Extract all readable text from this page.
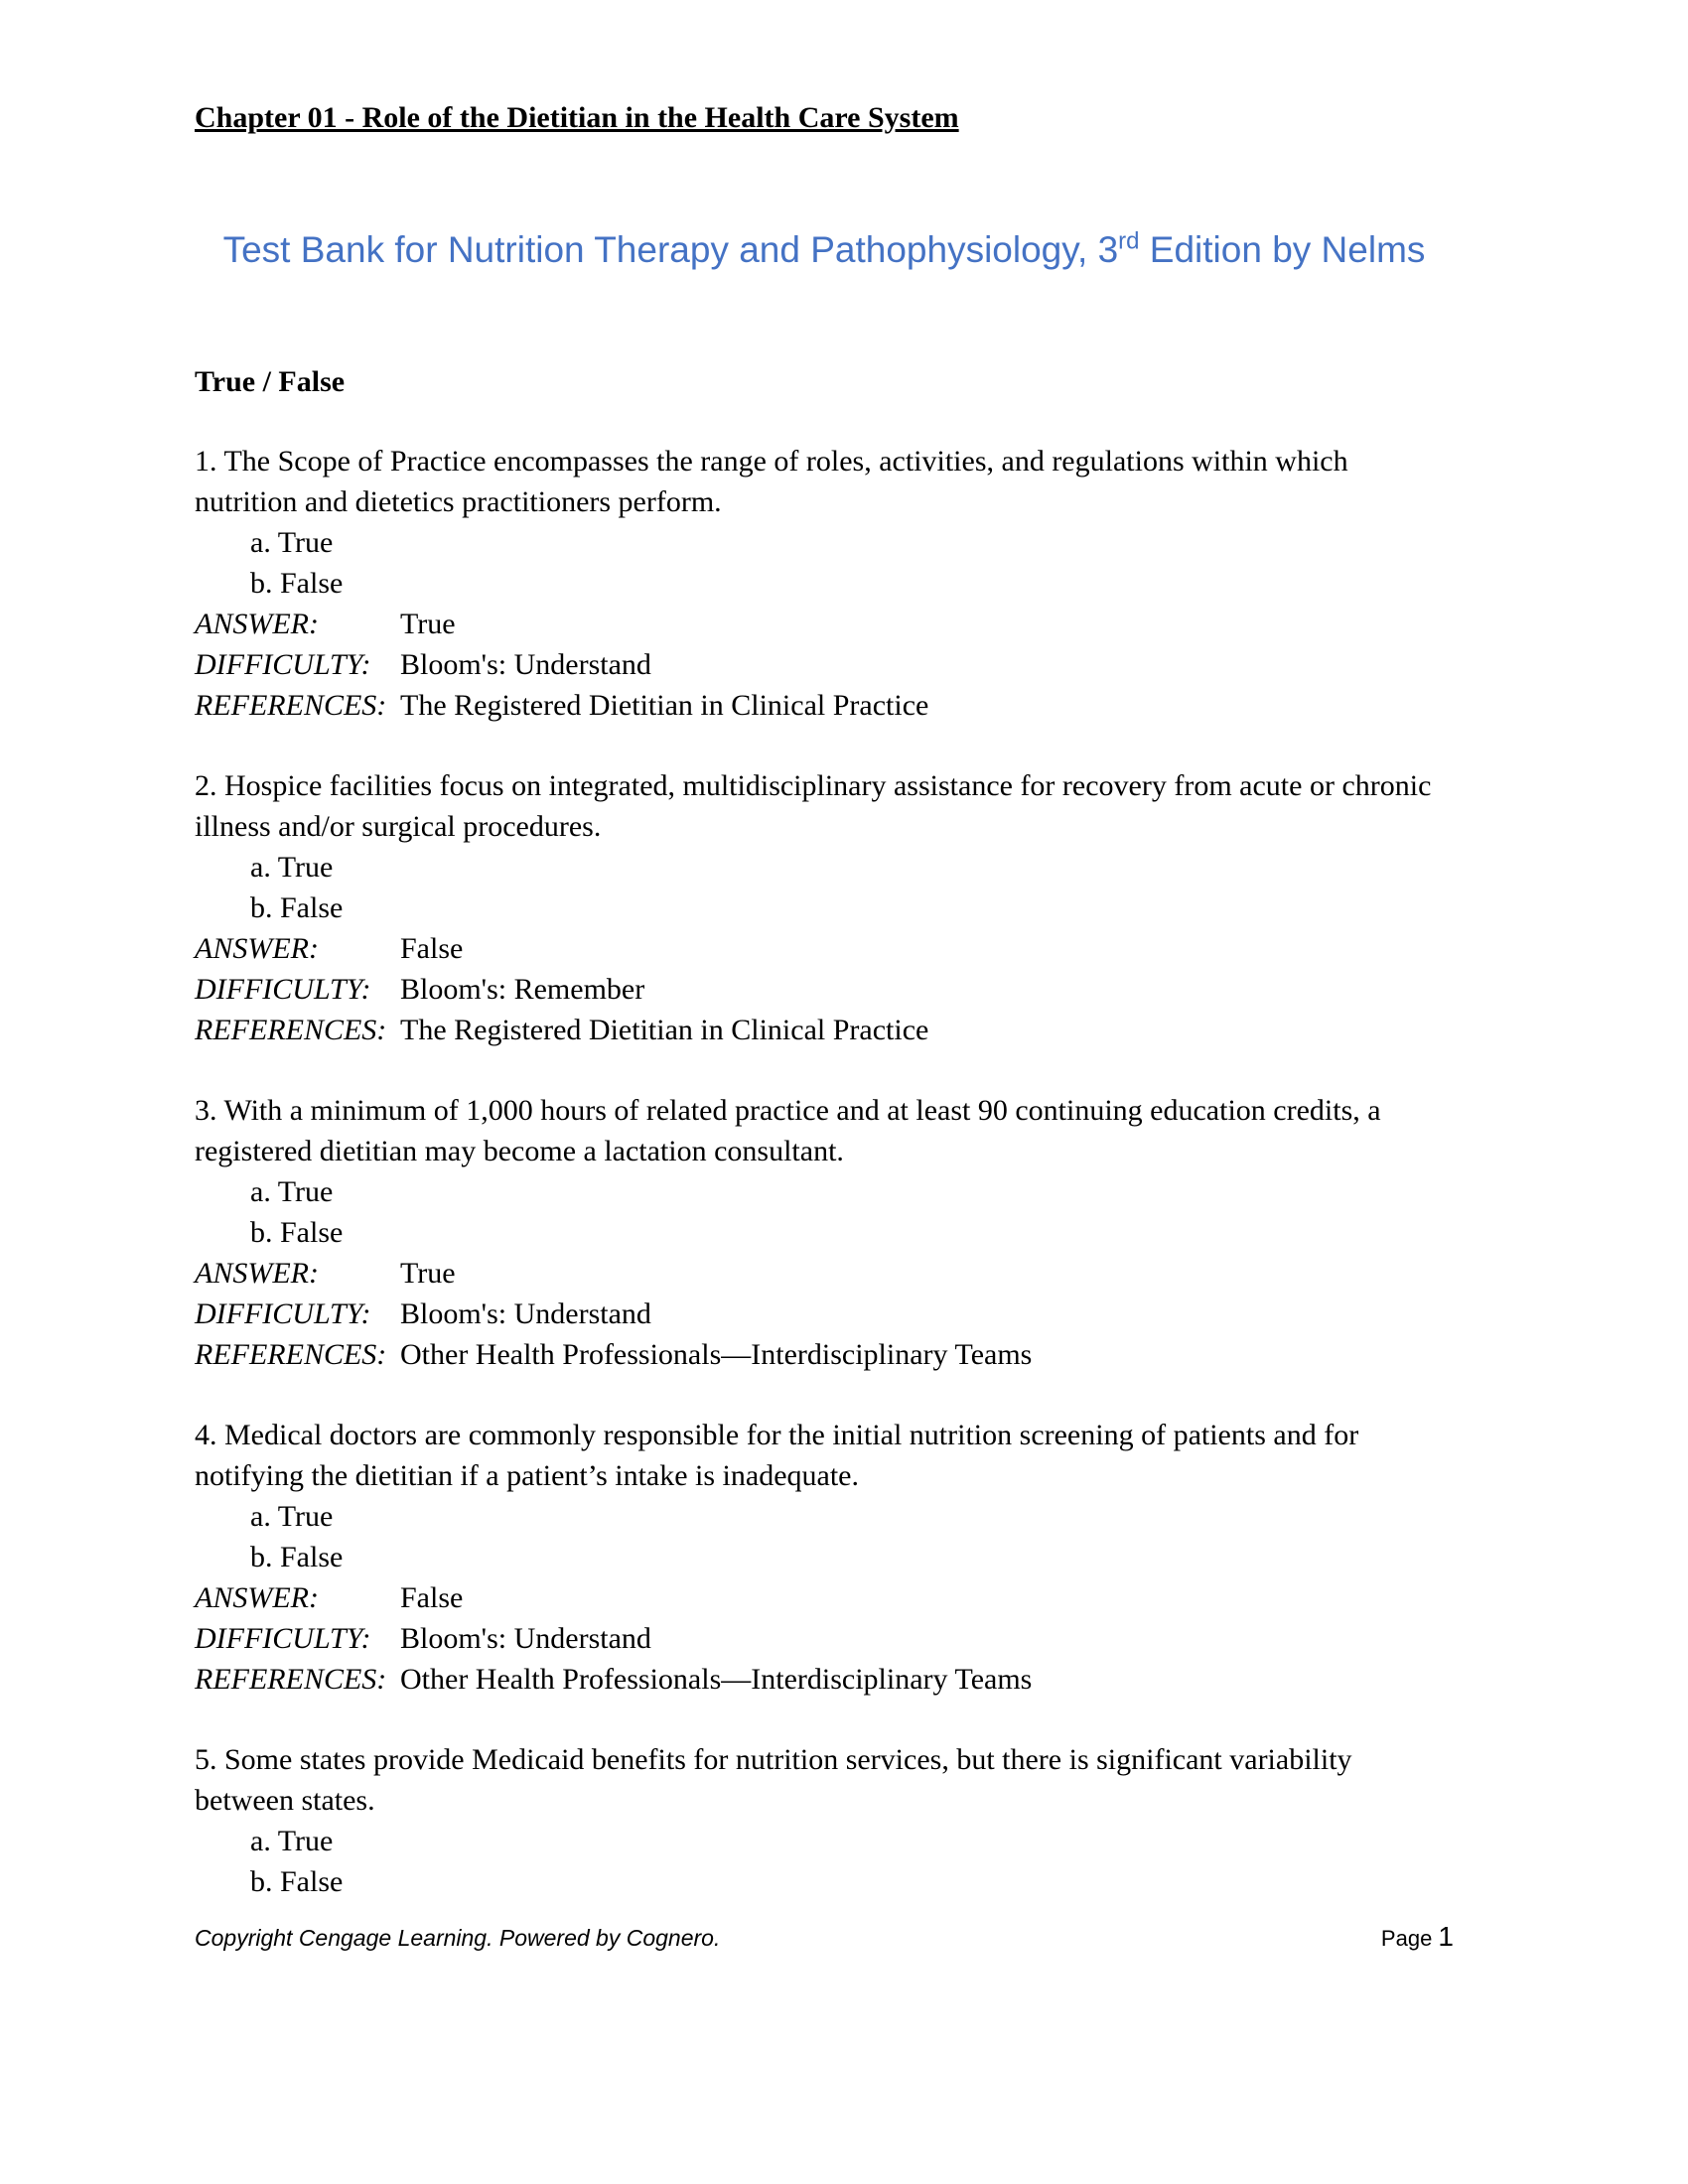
Chapter 01 - Role of the Dietitian in the Health Care System
Test Bank for Nutrition Therapy and Pathophysiology, 3rd Edition by Nelms
True / False

1. The Scope of Practice encompasses the range of roles, activities, and regulations within which nutrition and dietetics practitioners perform.

a. True
b. False
ANSWER:	True
DIFFICULTY: Bloom's: Understand
REFERENCES: The Registered Dietitian in Clinical Practice

2. Hospice facilities focus on integrated, multidisciplinary assistance for recovery from acute or chronic illness and/or surgical procedures.

a. True
b. False
ANSWER:	False
DIFFICULTY: Bloom's: Remember
REFERENCES: The Registered Dietitian in Clinical Practice

3. With a minimum of 1,000 hours of related practice and at least 90 continuing education credits, a registered dietitian may become a lactation consultant.

a. True
b. False
ANSWER:	True
DIFFICULTY: Bloom's: Understand
REFERENCES: Other Health Professionals—Interdisciplinary Teams

4. Medical doctors are commonly responsible for the initial nutrition screening of patients and for notifying the dietitian if a patient’s intake is inadequate.

a. True
b. False
ANSWER:	False
DIFFICULTY: Bloom's: Understand
REFERENCES: Other Health Professionals—Interdisciplinary Teams

5. Some states provide Medicaid benefits for nutrition services, but there is significant variability between states.

a. True
b. False
Copyright Cengage Learning. Powered by Cognero.	Page 1
